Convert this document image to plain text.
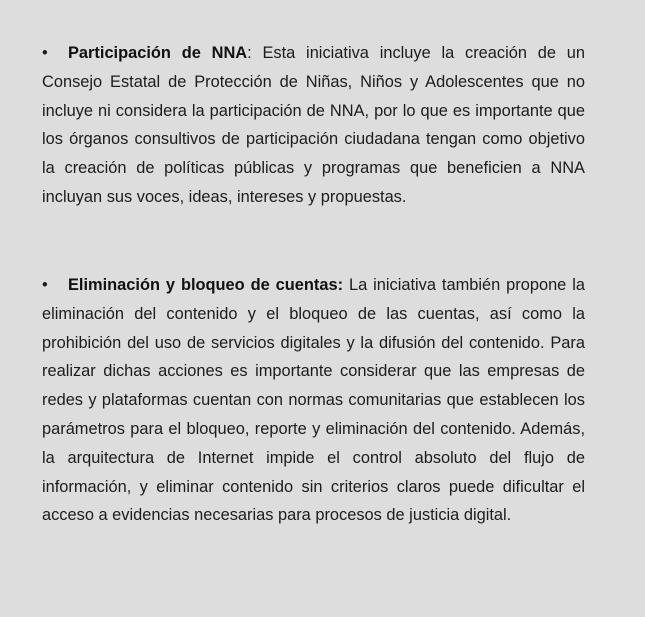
• Participación de NNA: Esta iniciativa incluye la creación de un Consejo Estatal de Protección de Niñas, Niños y Adolescentes que no incluye ni considera la participación de NNA, por lo que es importante que los órganos consultivos de participación ciudadana tengan como objetivo la creación de políticas públicas y programas que beneficien a NNA incluyan sus voces, ideas, intereses y propuestas.

• Eliminación y bloqueo de cuentas: La iniciativa también propone la eliminación del contenido y el bloqueo de las cuentas, así como la prohibición del uso de servicios digitales y la difusión del contenido. Para realizar dichas acciones es importante considerar que las empresas de redes y plataformas cuentan con normas comunitarias que establecen los parámetros para el bloqueo, reporte y eliminación del contenido. Además, la arquitectura de Internet impide el control absoluto del flujo de información, y eliminar contenido sin criterios claros puede dificultar el acceso a evidencias necesarias para procesos de justicia digital.
